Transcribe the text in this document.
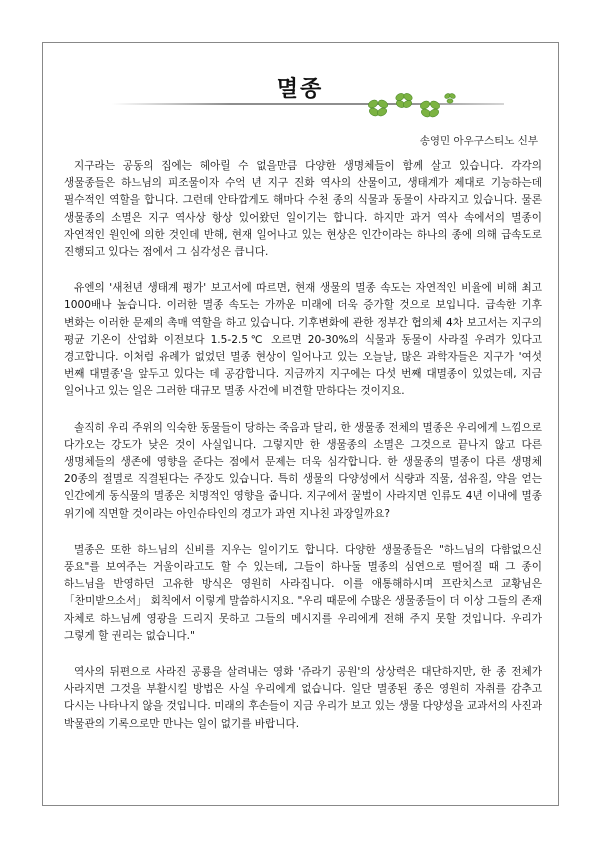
멸종
송영민 아우구스티노 신부

지구라는 공동의 집에는 헤아릴 수 없을만큼 다양한 생명체들이 함께 살고 있습니다. 각각의 생물종들은 하느님의 피조물이자 수억 년 지구 진화 역사의 산물이고, 생태계가 제대로 기능하는데 필수적인 역할을 합니다. 그런데 안타깝게도 해마다 수천 종의 식물과 동물이 사라지고 있습니다. 물론 생물종의 소멸은 지구 역사상 항상 있어왔던 일이기는 합니다. 하지만 과거 역사 속에서의 멸종이 자연적인 원인에 의한 것인데 반해, 현재 일어나고 있는 현상은 인간이라는 하나의 종에 의해 급속도로 진행되고 있다는 점에서 그 심각성은 큽니다.

유엔의 '새천년 생태계 평가' 보고서에 따르면, 현재 생물의 멸종 속도는 자연적인 비율에 비해 최고 1000배나 높습니다. 이러한 멸종 속도는 가까운 미래에 더욱 증가할 것으로 보입니다. 급속한 기후 변화는 이러한 문제의 촉매 역할을 하고 있습니다. 기후변화에 관한 정부간 협의체 4차 보고서는 지구의 평균 기온이 산업화 이전보다 1.5-2.5℃ 오르면 20-30%의 식물과 동물이 사라질 우려가 있다고 경고합니다. 이처럼 유례가 없었던 멸종 현상이 일어나고 있는 오늘날, 많은 과학자들은 지구가 '여섯 번째 대멸종'을 앞두고 있다는 데 공감합니다. 지금까지 지구에는 다섯 번째 대멸종이 있었는데, 지금 일어나고 있는 일은 그러한 대규모 멸종 사건에 비견할 만하다는 것이지요.

솔직히 우리 주위의 익숙한 동물들이 당하는 죽음과 달리, 한 생물종 전체의 멸종은 우리에게 느낌으로 다가오는 강도가 낮은 것이 사실입니다. 그렇지만 한 생물종의 소멸은 그것으로 끝나지 않고 다른 생명체들의 생존에 영향을 준다는 점에서 문제는 더욱 심각합니다. 한 생물종의 멸종이 다른 생명체 20종의 절멸로 직결된다는 주장도 있습니다. 특히 생물의 다양성에서 식량과 직물, 섬유질, 약을 얻는 인간에게 동식물의 멸종은 치명적인 영향을 줍니다. 지구에서 꿀벌이 사라지면 인류도 4년 이내에 멸종 위기에 직면할 것이라는 아인슈타인의 경고가 과연 지나친 과장일까요?

멸종은 또한 하느님의 신비를 지우는 일이기도 합니다. 다양한 생물종들은 "하느님의 다함없으신 풍요"를 보여주는 거울이라고도 할 수 있는데, 그들이 하나둘 멸종의 심연으로 떨어질 때 그 종이 하느님을 반영하던 고유한 방식은 영원히 사라집니다. 이를 애통해하시며 프란치스코 교황님은 「찬미받으소서」 회칙에서 이렇게 말씀하시지요. "우리 때문에 수많은 생물종들이 더 이상 그들의 존재 자체로 하느님께 영광을 드리지 못하고 그들의 메시지를 우리에게 전해 주지 못할 것입니다. 우리가 그렇게 할 권리는 없습니다."

역사의 뒤편으로 사라진 공룡을 살려내는 영화 '쥬라기 공원'의 상상력은 대단하지만, 한 종 전체가 사라지면 그것을 부활시킬 방법은 사실 우리에게 없습니다. 일단 멸종된 종은 영원히 자취를 감추고 다시는 나타나지 않을 것입니다. 미래의 후손들이 지금 우리가 보고 있는 생물 다양성을 교과서의 사진과 박물관의 기록으로만 만나는 일이 없기를 바랍니다.
